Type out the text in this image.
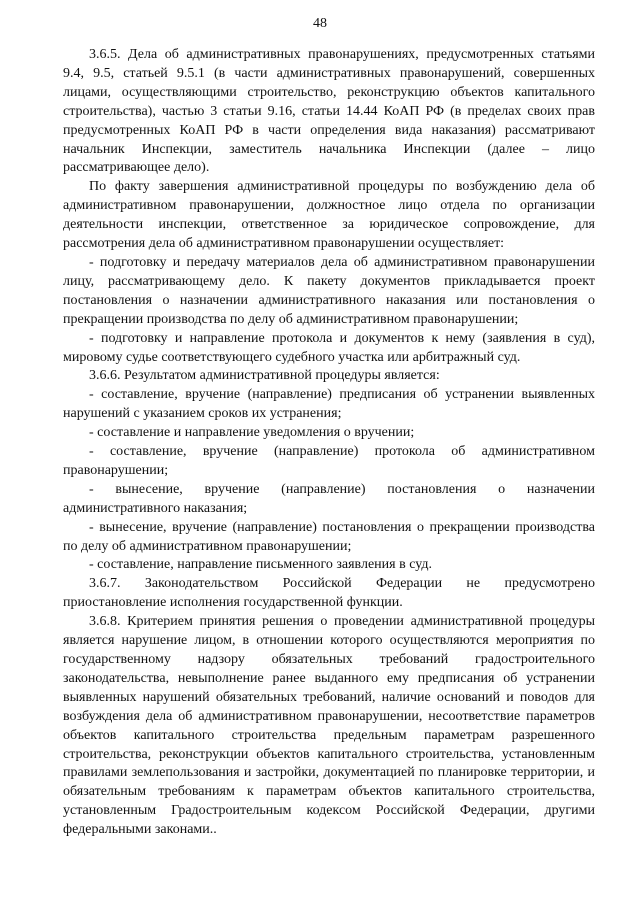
48

3.6.5. Дела об административных правонарушениях, предусмотренных статьями 9.4, 9.5, статьей 9.5.1 (в части административных правонарушений, совершенных лицами, осуществляющими строительство, реконструкцию объектов капитального строительства), частью 3 статьи 9.16, статьи 14.44 КоАП РФ (в пределах своих прав предусмотренных КоАП РФ в части определения вида наказания) рассматривают начальник Инспекции, заместитель начальника Инспекции (далее – лицо рассматривающее дело).

По факту завершения административной процедуры по возбуждению дела об административном правонарушении, должностное лицо отдела по организации деятельности инспекции, ответственное за юридическое сопровождение, для рассмотрения дела об административном правонарушении осуществляет:

- подготовку и передачу материалов дела об административном правонарушении лицу, рассматривающему дело. К пакету документов прикладывается проект постановления о назначении административного наказания или постановления о прекращении производства по делу об административном правонарушении;

- подготовку и направление протокола и документов к нему (заявления в суд), мировому судье соответствующего судебного участка или арбитражный суд.

3.6.6. Результатом административной процедуры является:

- составление, вручение (направление) предписания об устранении выявленных нарушений с указанием сроков их устранения;

- составление и направление уведомления о вручении;

- составление, вручение (направление) протокола об административном правонарушении;

- вынесение, вручение (направление) постановления о назначении административного наказания;

- вынесение, вручение (направление) постановления о прекращении производства по делу об административном правонарушении;

- составление, направление письменного заявления в суд.

3.6.7. Законодательством Российской Федерации не предусмотрено приостановление исполнения государственной функции.

3.6.8. Критерием принятия решения о проведении административной процедуры является нарушение лицом, в отношении которого осуществляются мероприятия по государственному надзору обязательных требований градостроительного законодательства, невыполнение ранее выданного ему предписания об устранении выявленных нарушений обязательных требований, наличие оснований и поводов для возбуждения дела об административном правонарушении, несоответствие параметров объектов капитального строительства предельным параметрам разрешенного строительства, реконструкции объектов капитального строительства, установленным правилами землепользования и застройки, документацией по планировке территории, и обязательным требованиям к параметрам объектов капитального строительства, установленным Градостроительным кодексом Российской Федерации, другими федеральными законами..
